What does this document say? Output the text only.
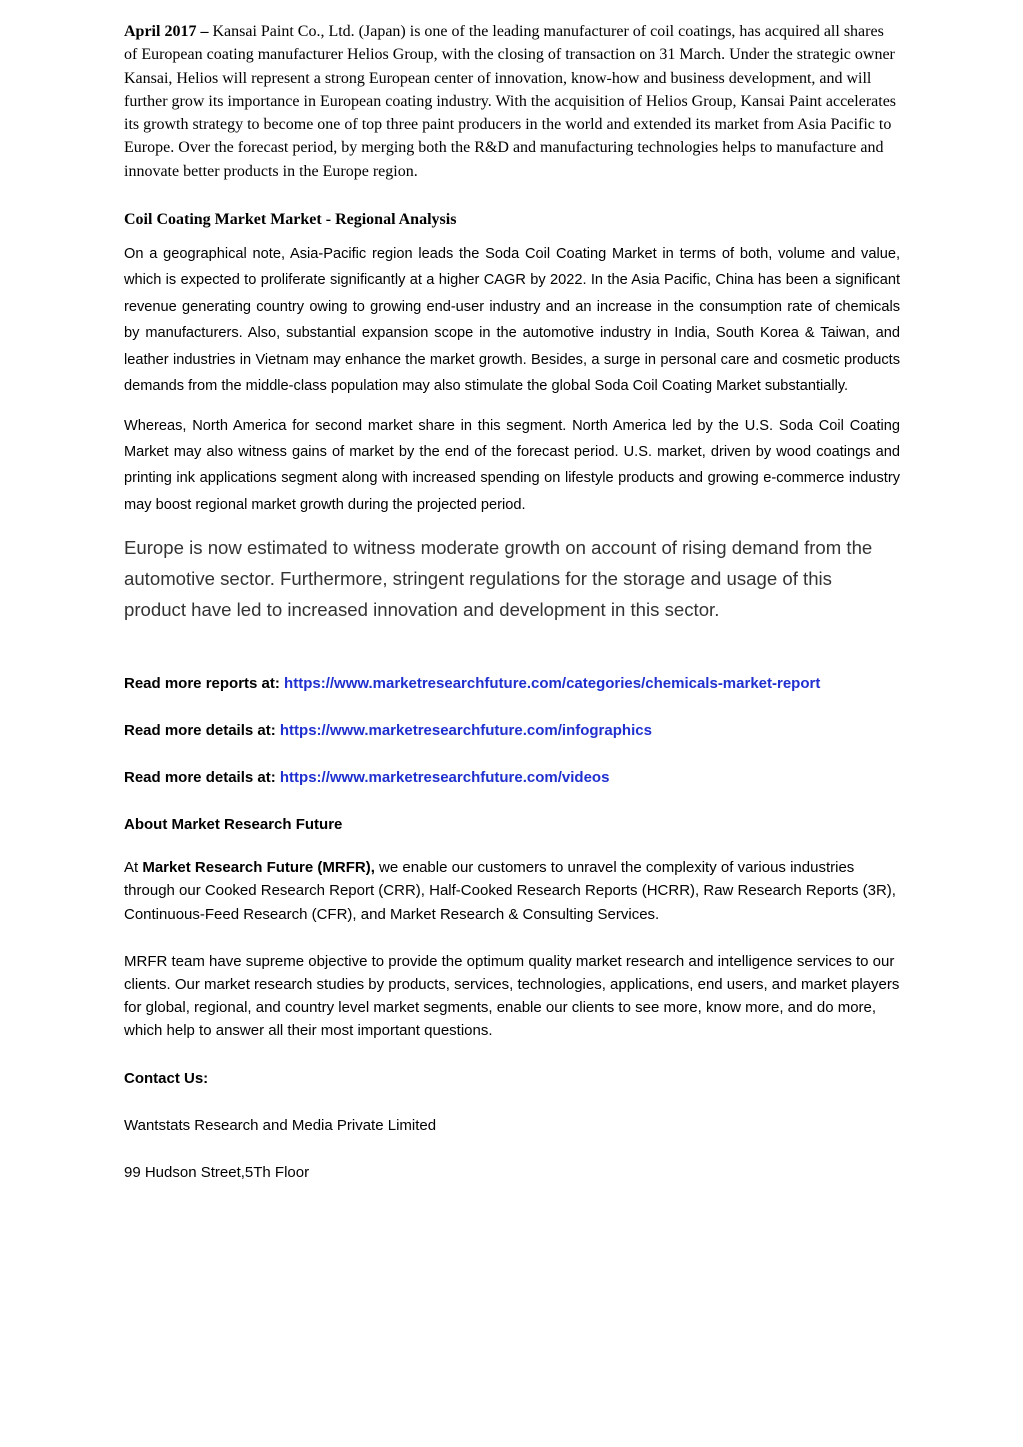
April 2017 – Kansai Paint Co., Ltd. (Japan) is one of the leading manufacturer of coil coatings, has acquired all shares of European coating manufacturer Helios Group, with the closing of transaction on 31 March. Under the strategic owner Kansai, Helios will represent a strong European center of innovation, know-how and business development, and will further grow its importance in European coating industry. With the acquisition of Helios Group, Kansai Paint accelerates its growth strategy to become one of top three paint producers in the world and extended its market from Asia Pacific to Europe. Over the forecast period, by merging both the R&D and manufacturing technologies helps to manufacture and innovate better products in the Europe region.

Coil Coating Market Market - Regional Analysis

On a geographical note, Asia-Pacific region leads the Soda Coil Coating Market in terms of both, volume and value, which is expected to proliferate significantly at a higher CAGR by 2022. In the Asia Pacific, China has been a significant revenue generating country owing to growing end-user industry and an increase in the consumption rate of chemicals by manufacturers. Also, substantial expansion scope in the automotive industry in India, South Korea & Taiwan, and leather industries in Vietnam may enhance the market growth. Besides, a surge in personal care and cosmetic products demands from the middle-class population may also stimulate the global Soda Coil Coating Market substantially.

Whereas, North America for second market share in this segment. North America led by the U.S. Soda Coil Coating Market may also witness gains of market by the end of the forecast period. U.S. market, driven by wood coatings and printing ink applications segment along with increased spending on lifestyle products and growing e-commerce industry may boost regional market growth during the projected period.

Europe is now estimated to witness moderate growth on account of rising demand from the automotive sector. Furthermore, stringent regulations for the storage and usage of this product have led to increased innovation and development in this sector.

Read more reports at: https://www.marketresearchfuture.com/categories/chemicals-market-report

Read more details at: https://www.marketresearchfuture.com/infographics

Read more details at: https://www.marketresearchfuture.com/videos

About Market Research Future

At Market Research Future (MRFR), we enable our customers to unravel the complexity of various industries through our Cooked Research Report (CRR), Half-Cooked Research Reports (HCRR), Raw Research Reports (3R), Continuous-Feed Research (CFR), and Market Research & Consulting Services.

MRFR team have supreme objective to provide the optimum quality market research and intelligence services to our clients. Our market research studies by products, services, technologies, applications, end users, and market players for global, regional, and country level market segments, enable our clients to see more, know more, and do more, which help to answer all their most important questions.

Contact Us:

Wantstats Research and Media Private Limited

99 Hudson Street,5Th Floor
